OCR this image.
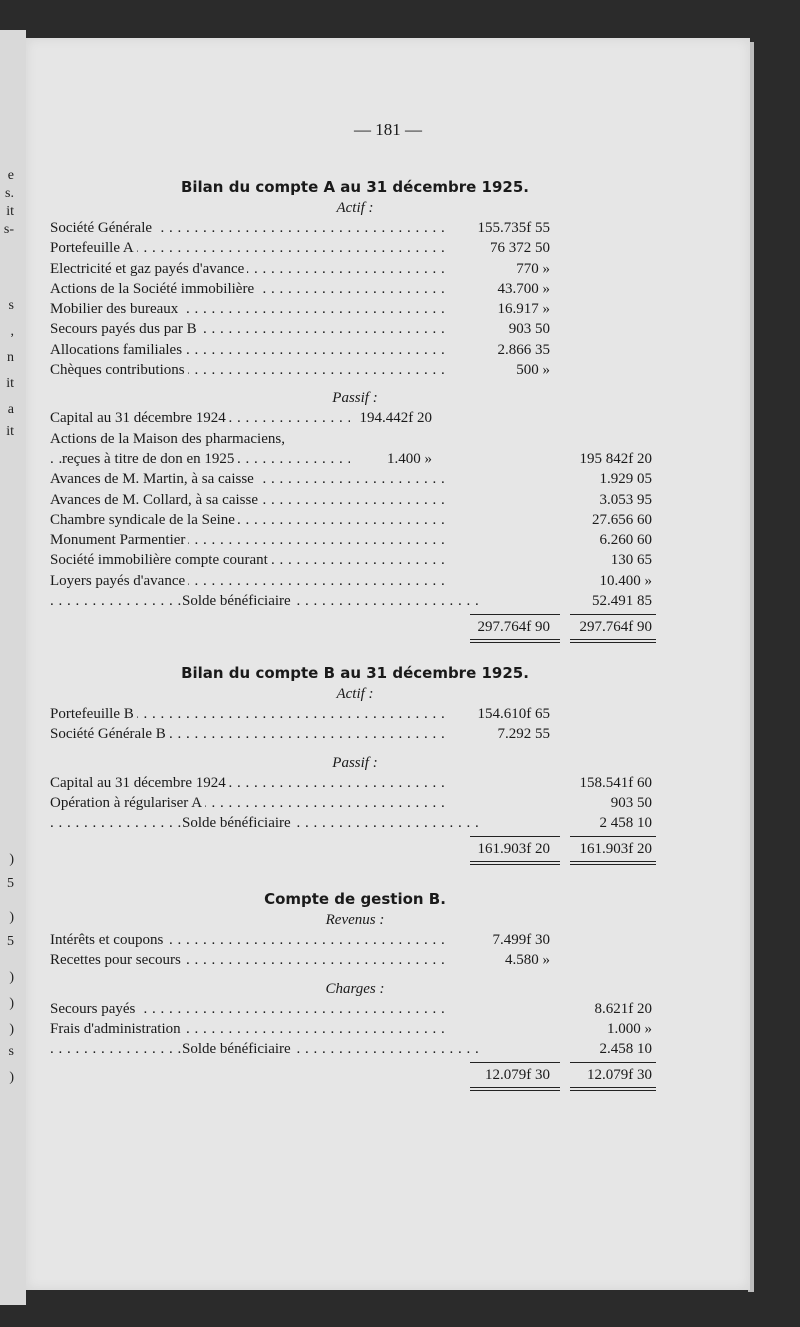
e
s.
it
s-
s
,
n
it
a
it
)
5
)
5
)
)
)
s
)
— 181 —
Bilan du compte A au 31 décembre 1925.
Actif :
Société Générale . . .	155.735f 55
Portefeuille A . . .	76 372 50
Electricité et gaz payés d'avance . . .	770 »
Actions de la Société immobilière . . .	43.700 »
Mobilier des bureaux . . .	16.917 »
Secours payés dus par B . . .	903 50
Allocations familiales . . .	2.866 35
Chèques contributions . . .	500 »
Passif :
Capital au 31 décembre 1924 . . .	194.442f 20
Actions de la Maison des pharmaciens,
reçues à titre de don en 1925 . . .	1.400 »	195 842f 20
Avances de M. Martin, à sa caisse . . .	1.929 05
Avances de M. Collard, à sa caisse . . .	3.053 95
Chambre syndicale de la Seine . . .	27.656 60
Monument Parmentier . . .	6.260 60
Société immobilière compte courant . . .	130 65
Loyers payés d'avance . . .	10.400 »
Solde bénéficiaire . . .	52.491 85
297.764f 90	297.764f 90
Bilan du compte B au 31 décembre 1925.
Actif :
Portefeuille B . . .	154.610f 65
Société Générale B . . .	7.292 55
Passif :
Capital au 31 décembre 1924 . . .	158.541f 60
Opération à régulariser A . . .	903 50
Solde bénéficiaire . . .	2 458 10
161.903f 20	161.903f 20
Compte de gestion B.
Revenus :
Intérêts et coupons . . .	7.499f 30
Recettes pour secours . . .	4.580 »
Charges :
Secours payés . . .	8.621f 20
Frais d'administration . . .	1.000 »
Solde bénéficiaire . . .	2.458 10
12.079f 30	12.079f 30
